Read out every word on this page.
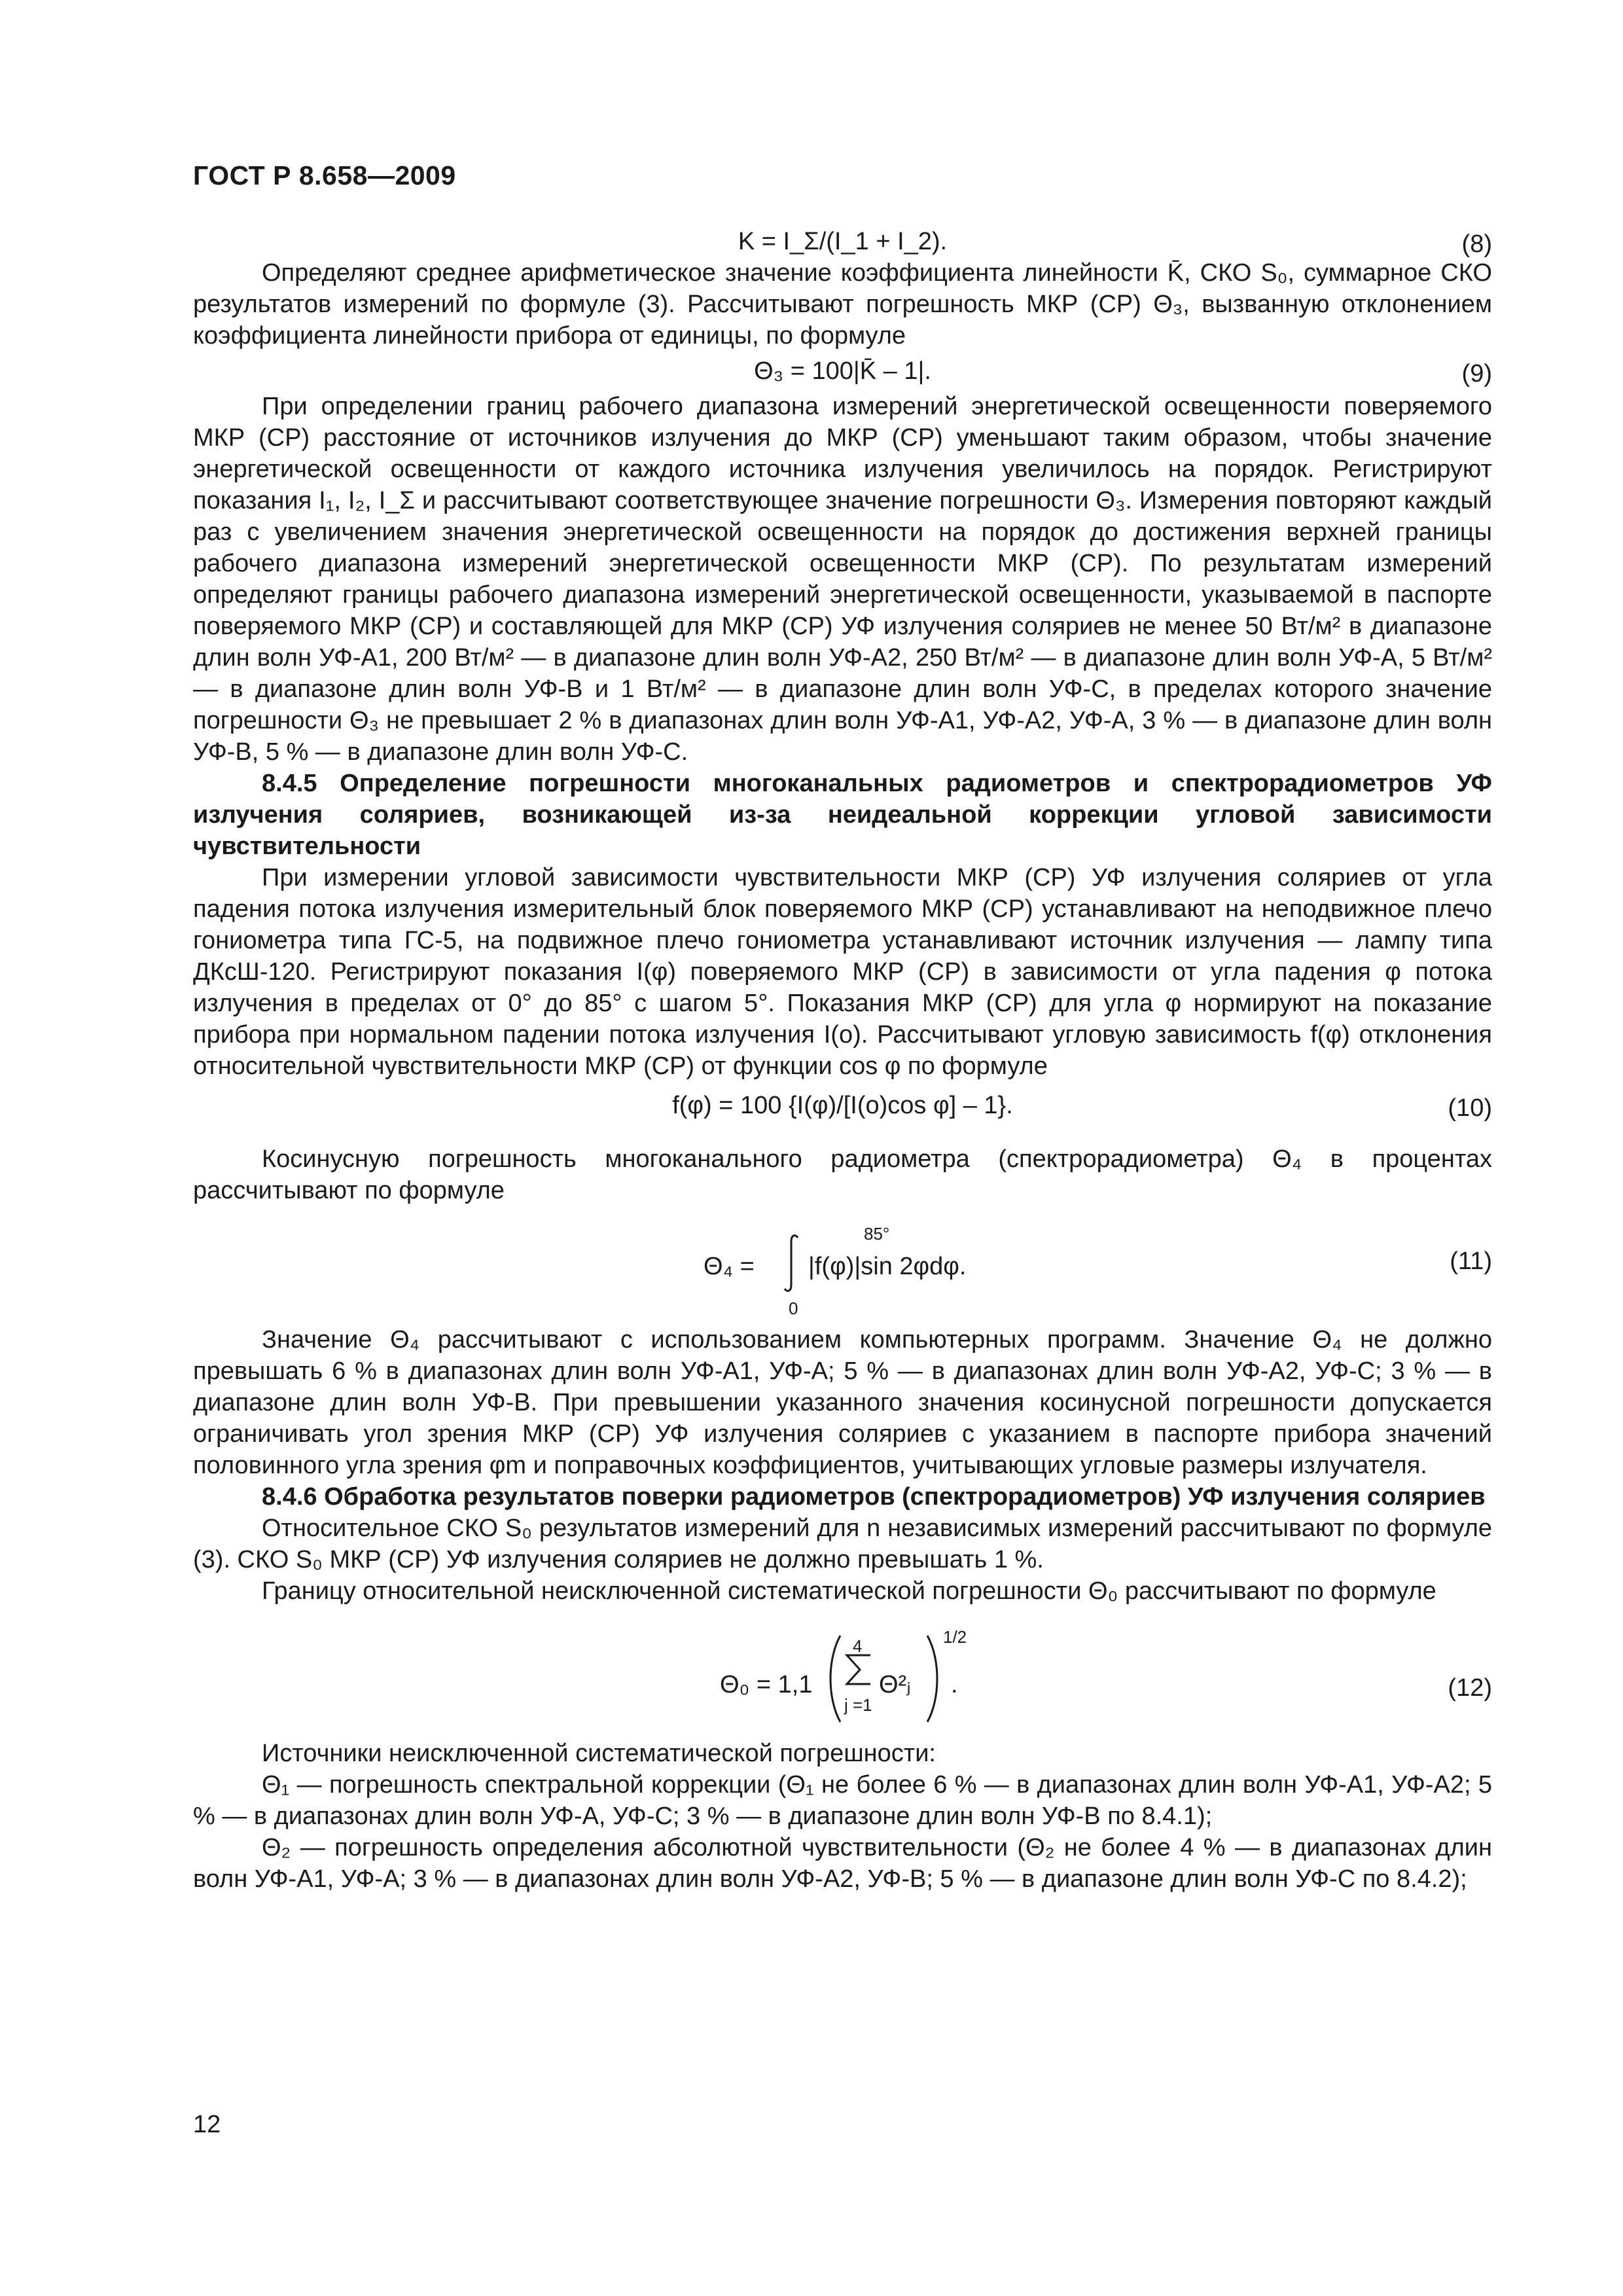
ГОСТ Р 8.658—2009
K = I_Σ/(I_1 + I_2).	(8)

Определяют среднее арифметическое значение коэффициента линейности K̄, СКО S₀, суммарное СКО результатов измерений по формуле (3). Рассчитывают погрешность МКР (СР) Θ₃, вызванную отклонением коэффициента линейности прибора от единицы, по формуле

Θ₃ = 100|K̄ – 1|.	(9)

При определении границ рабочего диапазона измерений энергетической освещенности поверяемого МКР (СР) расстояние от источников излучения до МКР (СР) уменьшают таким образом, чтобы значение энергетической освещенности от каждого источника излучения увеличилось на порядок. Регистрируют показания I₁, I₂, I_Σ и рассчитывают соответствующее значение погрешности Θ₃. Измерения повторяют каждый раз с увеличением значения энергетической освещенности на порядок до достижения верхней границы рабочего диапазона измерений энергетической освещенности МКР (СР). По результатам измерений определяют границы рабочего диапазона измерений энергетической освещенности, указываемой в паспорте поверяемого МКР (СР) и составляющей для МКР (СР) УФ излучения соляриев не менее 50 Вт/м² в диапазоне длин волн УФ-А1, 200 Вт/м² — в диапазоне длин волн УФ-А2, 250 Вт/м² — в диапазоне длин волн УФ-А, 5 Вт/м² — в диапазоне длин волн УФ-В и 1 Вт/м² — в диапазоне длин волн УФ-С, в пределах которого значение погрешности Θ₃ не превышает 2 % в диапазонах длин волн УФ-А1, УФ-А2, УФ-А, 3 % — в диапазоне длин волн УФ-В, 5 % — в диапазоне длин волн УФ-С.

8.4.5 Определение погрешности многоканальных радиометров и спектрорадиометров УФ излучения соляриев, возникающей из-за неидеальной коррекции угловой зависимости чувствительности

При измерении угловой зависимости чувствительности МКР (СР) УФ излучения соляриев от угла падения потока излучения измерительный блок поверяемого МКР (СР) устанавливают на неподвижное плечо гониометра типа ГС-5, на подвижное плечо гониометра устанавливают источник излучения — лампу типа ДКсШ-120. Регистрируют показания I(φ) поверяемого МКР (СР) в зависимости от угла падения φ потока излучения в пределах от 0° до 85° с шагом 5°. Показания МКР (СР) для угла φ нормируют на показание прибора при нормальном падении потока излучения I(о). Рассчитывают угловую зависимость f(φ) отклонения относительной чувствительности МКР (СР) от функции cos φ по формуле

f(φ) = 100 {I(φ)/[I(о)cos φ] – 1}.	(10)

Косинусную погрешность многоканального радиометра (спектрорадиометра) Θ₄ в процентах рассчитывают по формуле

85°
Θ₄ = |f(φ)|sin 2φdφ.
0
(11)

Значение Θ₄ рассчитывают с использованием компьютерных программ. Значение Θ₄ не должно превышать 6 % в диапазонах длин волн УФ-А1, УФ-А; 5 % — в диапазонах длин волн УФ-А2, УФ-С; 3 % — в диапазоне длин волн УФ-В. При превышении указанного значения косинусной погрешности допускается ограничивать угол зрения МКР (СР) УФ излучения соляриев с указанием в паспорте прибора значений половинного угла зрения φm и поправочных коэффициентов, учитывающих угловые размеры излучателя.

8.4.6 Обработка результатов поверки радиометров (спектрорадиометров) УФ излучения соляриев

Относительное СКО S₀ результатов измерений для n независимых измерений рассчитывают по формуле (3). СКО S₀ МКР (СР) УФ излучения соляриев не должно превышать 1 %.

Границу относительной неисключенной систематической погрешности Θ₀ рассчитывают по формуле

Θ₀ = 1,1
4
j =1
Θ²ⱼ
1/2
.	(12)

Источники неисключенной систематической погрешности:

Θ₁ — погрешность спектральной коррекции (Θ₁ не более 6 % — в диапазонах длин волн УФ-А1, УФ-А2; 5 % — в диапазонах длин волн УФ-А, УФ-С; 3 % — в диапазоне длин волн УФ-В по 8.4.1);

Θ₂ — погрешность определения абсолютной чувствительности (Θ₂ не более 4 % — в диапазонах длин волн УФ-А1, УФ-А; 3 % — в диапазонах длин волн УФ-А2, УФ-В; 5 % — в диапазоне длин волн УФ-С по 8.4.2);

12
